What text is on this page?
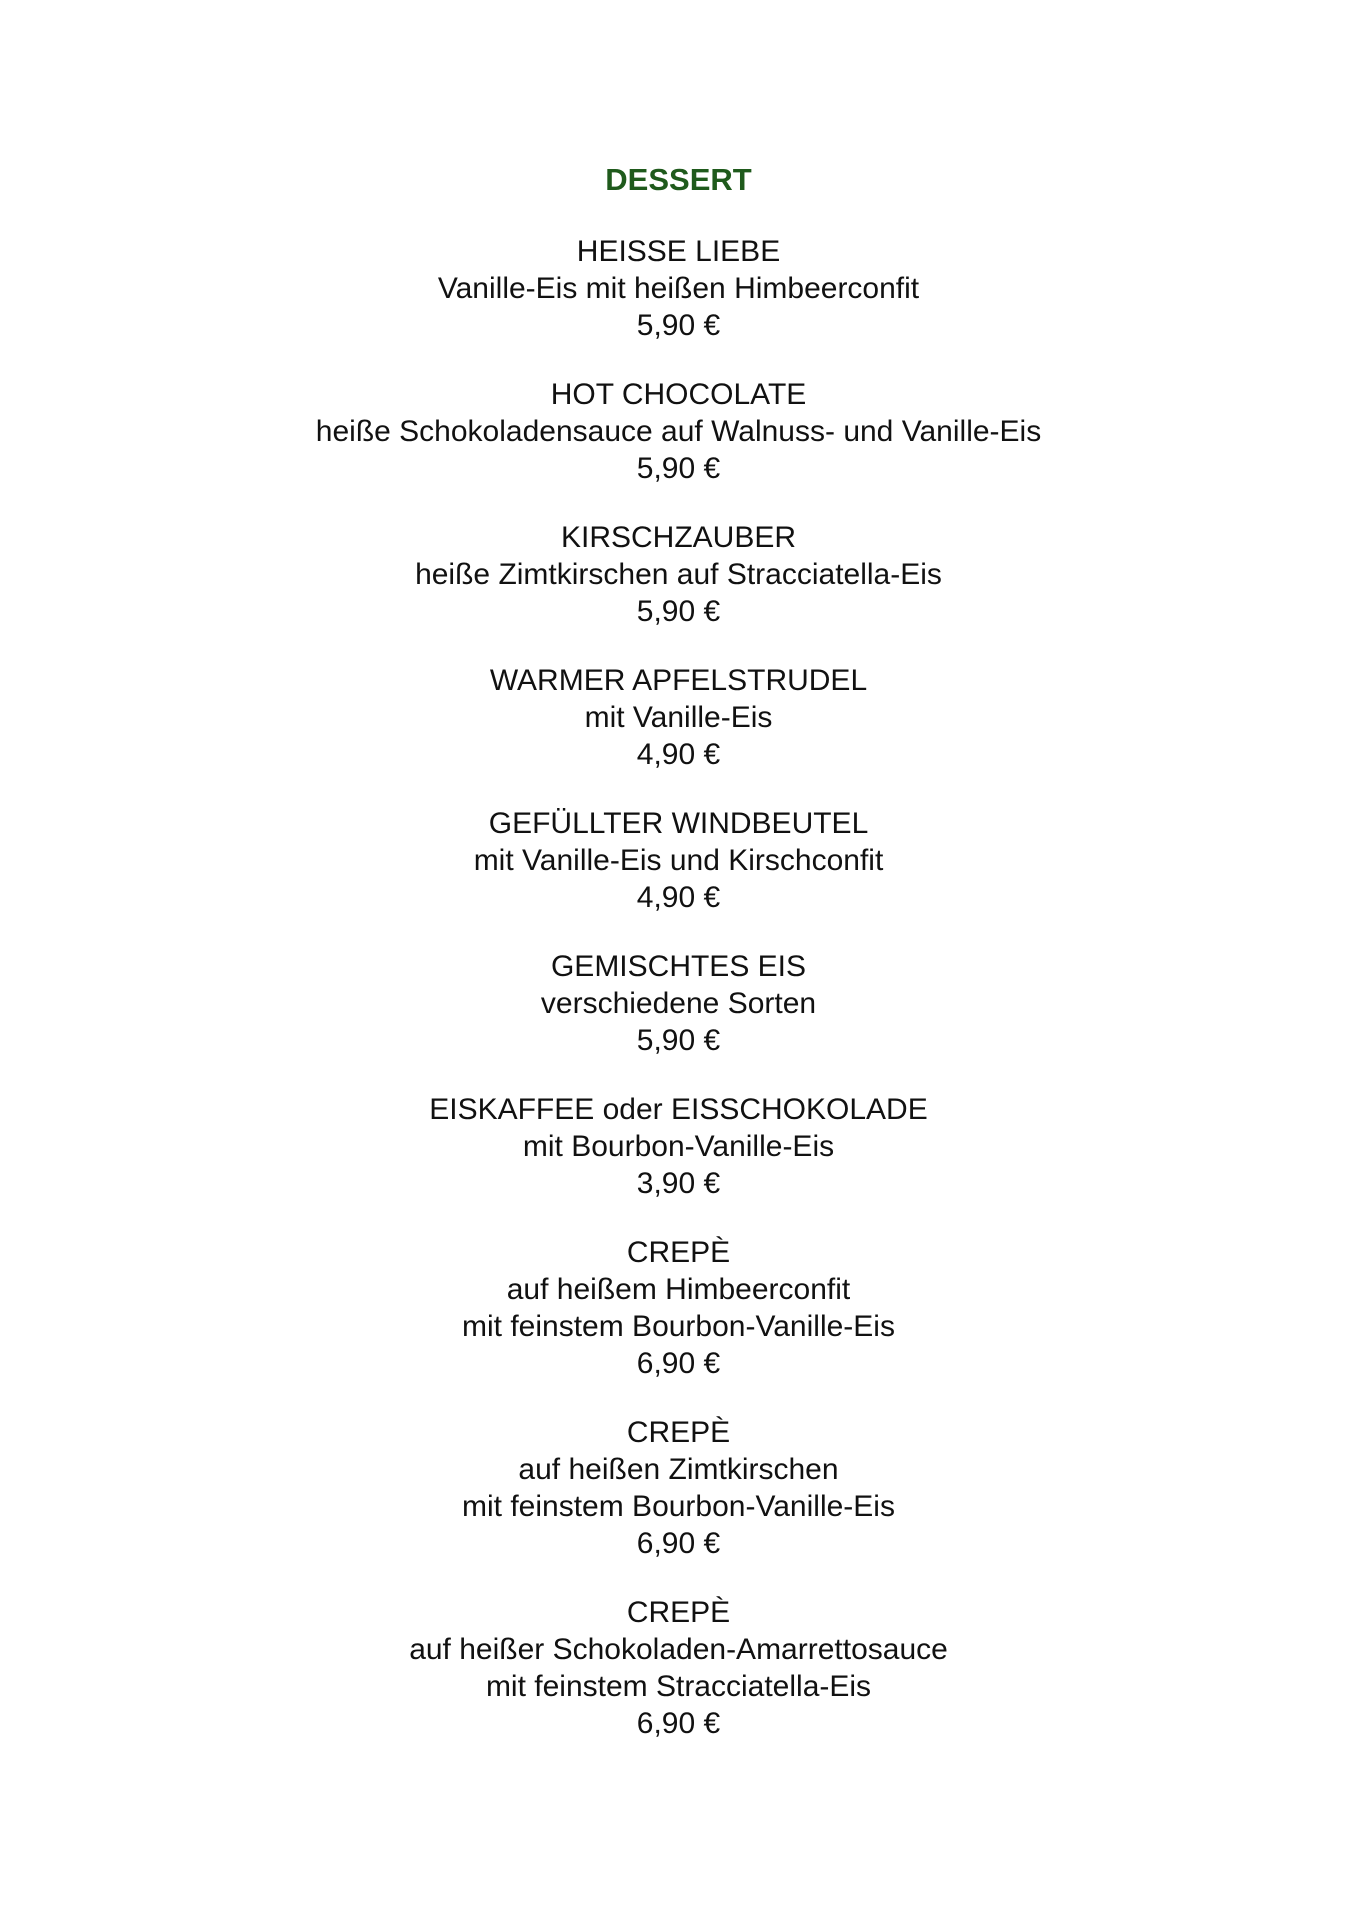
DESSERT
HEISSE LIEBE
Vanille-Eis mit heißen Himbeerconfit
5,90 €
HOT CHOCOLATE
heiße Schokoladensauce auf Walnuss- und Vanille-Eis
5,90 €
KIRSCHZAUBER
heiße Zimtkirschen auf Stracciatella-Eis
5,90 €
WARMER APFELSTRUDEL
mit Vanille-Eis
4,90 €
GEFÜLLTER WINDBEUTEL
mit Vanille-Eis und Kirschconfit
4,90 €
GEMISCHTES EIS
verschiedene Sorten
5,90 €
EISKAFFEE oder EISSCHOKOLADE
mit Bourbon-Vanille-Eis
3,90 €
CREPÈ
auf heißem Himbeerconfit
mit feinstem Bourbon-Vanille-Eis
6,90 €
CREPÈ
auf heißen Zimtkirschen
mit feinstem Bourbon-Vanille-Eis
6,90 €
CREPÈ
auf heißer Schokoladen-Amarrettosauce
mit feinstem Stracciatella-Eis
6,90 €
